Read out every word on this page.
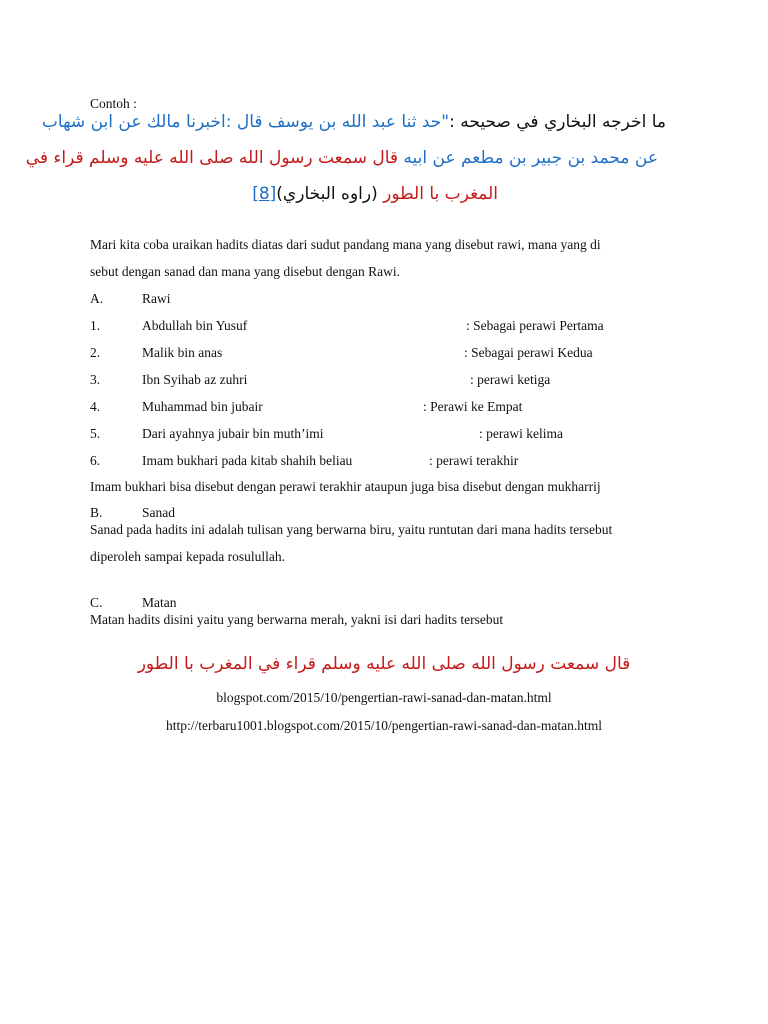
Contoh :
ما اخرجه البخاري في صحيحه :"حد ثنا عبد الله بن يوسف قال :اخبرنا مالك عن ابن شهاب
عن محمد بن جبير بن مطعم عن ابيه قال سمعت رسول الله صلى الله عليه وسلم قراء في
المغرب با الطور (راوه البخاري)[8]
Mari kita coba uraikan hadits diatas dari sudut pandang mana yang disebut rawi, mana yang di
sebut dengan sanad dan mana yang disebut dengan Rawi.
A.	Rawi
1.	Abdullah bin Yusuf	: Sebagai perawi Pertama
2.	Malik bin anas	: Sebagai perawi Kedua
3.	Ibn Syihab az zuhri	: perawi ketiga
4.	Muhammad bin jubair	: Perawi ke Empat
5.	Dari ayahnya jubair bin muth’imi	: perawi kelima
6.	Imam bukhari pada kitab shahih beliau	: perawi terakhir
Imam bukhari bisa disebut dengan perawi terakhir ataupun juga bisa disebut dengan mukharrij
B.	Sanad
Sanad pada hadits ini adalah tulisan yang berwarna biru, yaitu runtutan dari mana hadits tersebut
diperoleh sampai kepada rosulullah.
C.	Matan
Matan hadits disini yaitu yang berwarna merah, yakni isi dari hadits tersebut
قال سمعت رسول الله صلى الله عليه وسلم قراء في المغرب با الطور
blogspot.com/2015/10/pengertian-rawi-sanad-dan-matan.html
http://terbaru1001.blogspot.com/2015/10/pengertian-rawi-sanad-dan-matan.html
